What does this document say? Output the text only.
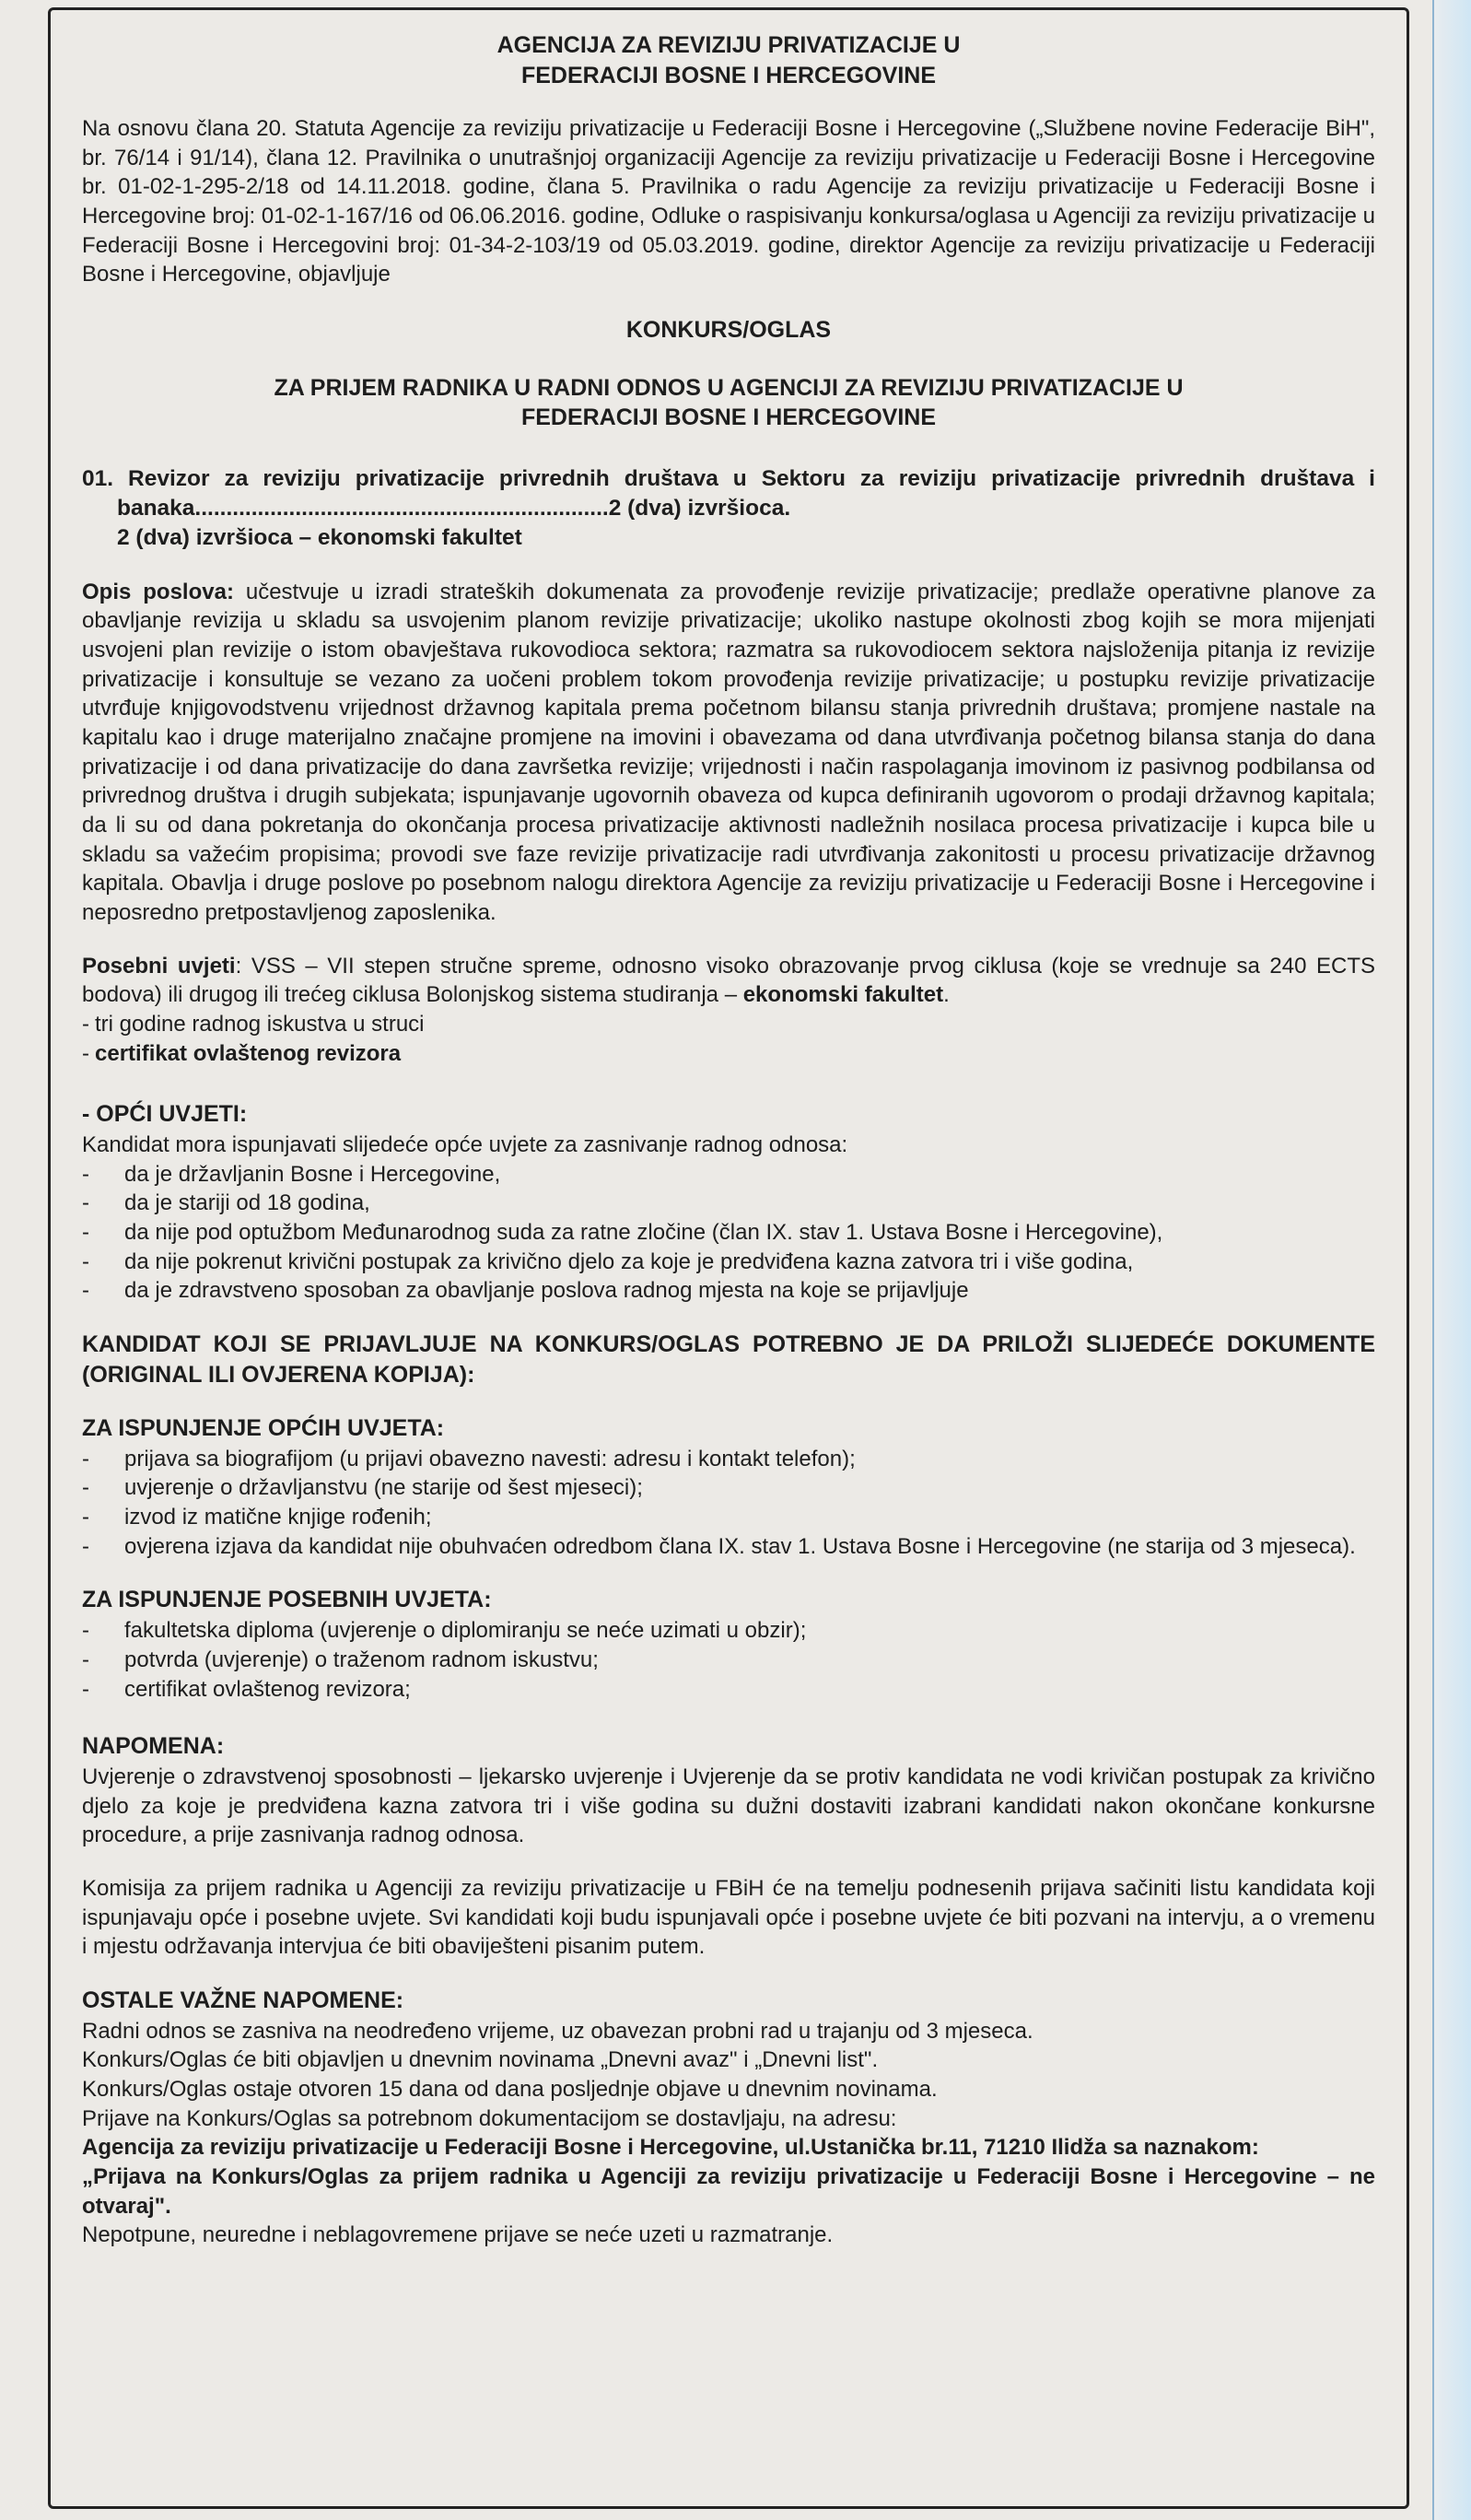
AGENCIJA ZA REVIZIJU PRIVATIZACIJE U
FEDERACIJI BOSNE I HERCEGOVINE

Na osnovu člana 20. Statuta Agencije za reviziju privatizacije u Federaciji Bosne i Hercegovine („Službene novine Federacije BiH", br. 76/14 i 91/14), člana 12. Pravilnika o unutrašnjoj organizaciji Agencije za reviziju privatizacije u Federaciji Bosne i Hercegovine br. 01-02-1-295-2/18 od 14.11.2018. godine, člana 5. Pravilnika o radu Agencije za reviziju privatizacije u Federaciji Bosne i Hercegovine broj: 01-02-1-167/16 od 06.06.2016. godine, Odluke o raspisivanju konkursa/oglasa u Agenciji za reviziju privatizacije u Federaciji Bosne i Hercegovini broj: 01-34-2-103/19 od 05.03.2019. godine, direktor Agencije za reviziju privatizacije u Federaciji Bosne i Hercegovine, objavljuje

KONKURS/OGLAS
ZA PRIJEM RADNIKA U RADNI ODNOS U AGENCIJI ZA REVIZIJU PRIVATIZACIJE U
FEDERACIJI BOSNE I HERCEGOVINE

01. Revizor za reviziju privatizacije privrednih društava u Sektoru za reviziju privatizacije privrednih društava i banaka..................................................................2 (dva) izvršioca.

2 (dva) izvršioca – ekonomski fakultet

Opis poslova: učestvuje u izradi strateških dokumenata za provođenje revizije privatizacije; predlaže operativne planove za obavljanje revizija u skladu sa usvojenim planom revizije privatizacije; ukoliko nastupe okolnosti zbog kojih se mora mijenjati usvojeni plan revizije o istom obavještava rukovodioca sektora; razmatra sa rukovodiocem sektora najsloženija pitanja iz revizije privatizacije i konsultuje se vezano za uočeni problem tokom provođenja revizije privatizacije; u postupku revizije privatizacije utvrđuje knjigovodstvenu vrijednost državnog kapitala prema početnom bilansu stanja privrednih društava; promjene nastale na kapitalu kao i druge materijalno značajne promjene na imovini i obavezama od dana utvrđivanja početnog bilansa stanja do dana privatizacije i od dana privatizacije do dana završetka revizije; vrijednosti i način raspolaganja imovinom iz pasivnog podbilansa od privrednog društva i drugih subjekata; ispunjavanje ugovornih obaveza od kupca definiranih ugovorom o prodaji državnog kapitala; da li su od dana pokretanja do okončanja procesa privatizacije aktivnosti nadležnih nosilaca procesa privatizacije i kupca bile u skladu sa važećim propisima; provodi sve faze revizije privatizacije radi utvrđivanja zakonitosti u procesu privatizacije državnog kapitala. Obavlja i druge poslove po posebnom nalogu direktora Agencije za reviziju privatizacije u Federaciji Bosne i Hercegovine i neposredno pretpostavljenog zaposlenika.

Posebni uvjeti: VSS – VII stepen stručne spreme, odnosno visoko obrazovanje prvog ciklusa (koje se vrednuje sa 240 ECTS bodova) ili drugog ili trećeg ciklusa Bolonjskog sistema studiranja – ekonomski fakultet.

- tri godine radnog iskustva u struci
- certifikat ovlaštenog revizora

- OPĆI UVJETI:

Kandidat mora ispunjavati slijedeće opće uvjete za zasnivanje radnog odnosa:

- da je državljanin Bosne i Hercegovine,
- da je stariji od 18 godina,
- da nije pod optužbom Međunarodnog suda za ratne zločine (član IX. stav 1. Ustava Bosne i Hercegovine),
- da nije pokrenut krivični postupak za krivično djelo za koje je predviđena kazna zatvora tri i više godina,
- da je zdravstveno sposoban za obavljanje poslova radnog mjesta na koje se prijavljuje

KANDIDAT KOJI SE PRIJAVLJUJE NA KONKURS/OGLAS POTREBNO JE DA PRILOŽI SLIJEDEĆE DOKUMENTE (ORIGINAL ILI OVJERENA KOPIJA):

ZA ISPUNJENJE OPĆIH UVJETA:

- prijava sa biografijom (u prijavi obavezno navesti: adresu i kontakt telefon);
- uvjerenje o državljanstvu (ne starije od šest mjeseci);
- izvod iz matične knjige rođenih;
- ovjerena izjava da kandidat nije obuhvaćen odredbom člana IX. stav 1. Ustava Bosne i Hercegovine (ne starija od 3 mjeseca).

ZA ISPUNJENJE POSEBNIH UVJETA:

- fakultetska diploma (uvjerenje o diplomiranju se neće uzimati u obzir);
- potvrda (uvjerenje) o traženom radnom iskustvu;
- certifikat ovlaštenog revizora;

NAPOMENA:

Uvjerenje o zdravstvenoj sposobnosti – ljekarsko uvjerenje i Uvjerenje da se protiv kandidata ne vodi krivičan postupak za krivično djelo za koje je predviđena kazna zatvora tri i više godina su dužni dostaviti izabrani kandidati nakon okončane konkursne procedure, a prije zasnivanja radnog odnosa.

Komisija za prijem radnika u Agenciji za reviziju privatizacije u FBiH će na temelju podnesenih prijava sačiniti listu kandidata koji ispunjavaju opće i posebne uvjete. Svi kandidati koji budu ispunjavali opće i posebne uvjete će biti pozvani na intervju, a o vremenu i mjestu održavanja intervjua će biti obaviješteni pisanim putem.

OSTALE VAŽNE NAPOMENE:

Radni odnos se zasniva na neodređeno vrijeme, uz obavezan probni rad u trajanju od 3 mjeseca.

Konkurs/Oglas će biti objavljen u dnevnim novinama „Dnevni avaz" i „Dnevni list".

Konkurs/Oglas ostaje otvoren 15 dana od dana posljednje objave u dnevnim novinama.

Prijave na Konkurs/Oglas sa potrebnom dokumentacijom se dostavljaju, na adresu:

Agencija za reviziju privatizacije u Federaciji Bosne i Hercegovine, ul.Ustanička br.11, 71210 Ilidža sa naznakom:

„Prijava na Konkurs/Oglas za prijem radnika u Agenciji za reviziju privatizacije u Federaciji Bosne i Hercegovine – ne otvaraj".

Nepotpune, neuredne i neblagovremene prijave se neće uzeti u razmatranje.
